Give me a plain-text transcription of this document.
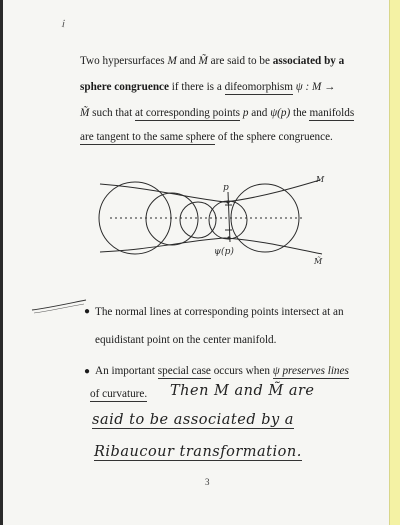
i
Two hypersurfaces M and M̃ are said to be associated by a
sphere congruence if there is a difeomorphism ψ : M →
M̃ such that at corresponding points p and ψ(p) the manifolds
are tangent to the same sphere of the sphere congruence.
p
ψ(p)
M
M̃
● The normal lines at corresponding points intersect at an
equidistant point on the center manifold.
● An important special case occurs when ψ preserves lines
of curvature. Then M and M̃ are
said to be associated by a
Ribaucour transformation.
3
